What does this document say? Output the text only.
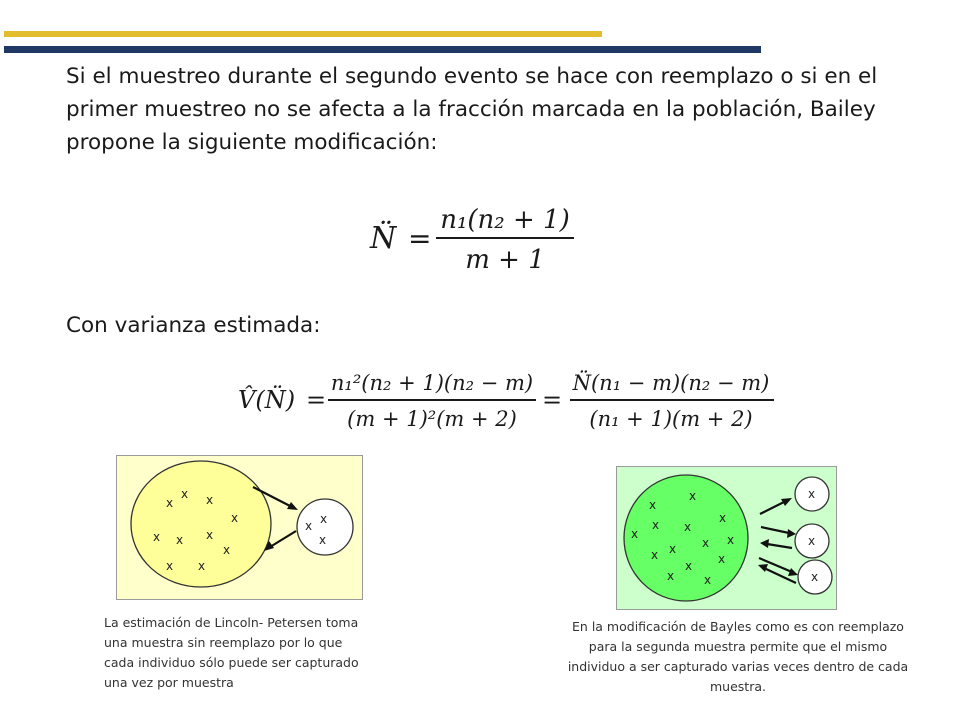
Si el muestreo durante el segundo evento se hace con reemplazo o si en el
primer muestreo no se afecta a la fracción marcada en la población, Bailey
propone la siguiente modificación:
N̈ =
n₁(n₂ + 1)
m + 1
Con varianza estimada:
V̂(N̈) =
n₁²(n₂ + 1)(n₂ − m)
(m + 1)²(m + 2)
=
N̈(n₁ − m)(n₂ − m)
(n₁ + 1)(m + 2)
x
x	x
x
x x x
x
x x
x
x
x
La estimación de Lincoln- Petersen toma
una muestra sin reemplazo por lo que
cada individuo sólo puede ser capturado
una vez por muestra
x
x
x
x x
x
x x
x
x	x
x
x x
x
x
x
En la modificación de Bayles como es con reemplazo
para la segunda muestra permite que el mismo
individuo a ser capturado varias veces dentro de cada
muestra.
